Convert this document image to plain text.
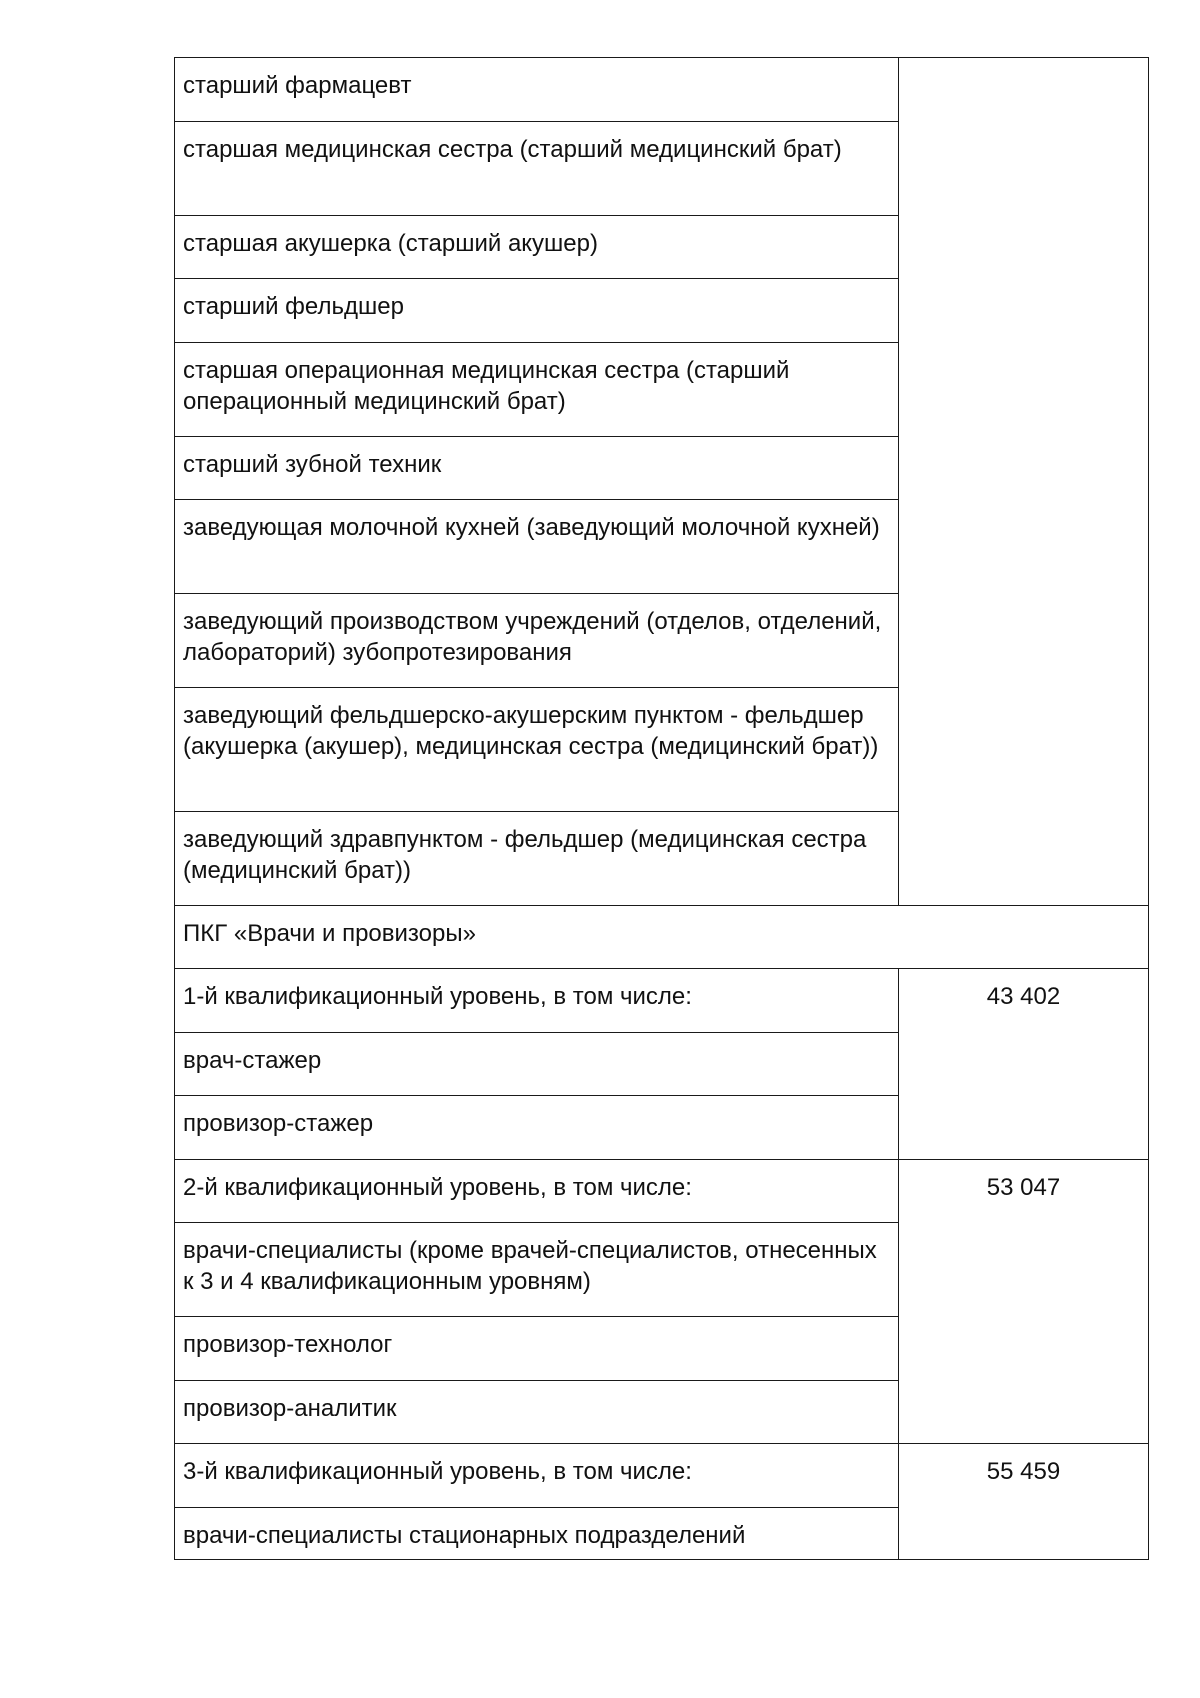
старший фармацевт	
старшая медицинская сестра (старший медицинский брат)	
старшая акушерка (старший акушер)	
старший фельдшер	
старшая операционная медицинская сестра (старший операционный медицинский брат)	
старший зубной техник	
заведующая молочной кухней (заведующий молочной кухней)	
заведующий производством учреждений (отделов, отделений, лабораторий) зубопротезирования	
заведующий фельдшерско-акушерским пунктом - фельдшер (акушерка (акушер), медицинская сестра (медицинский брат))	
заведующий здравпунктом - фельдшер (медицинская сестра (медицинский брат))	
ПКГ «Врачи и провизоры»	
1-й квалификационный уровень, в том числе:	43 402
врач-стажер	
провизор-стажер	
2-й квалификационный уровень, в том числе:	53 047
врачи-специалисты (кроме врачей-специалистов, отнесенных к 3 и 4 квалификационным уровням)	
провизор-технолог	
провизор-аналитик	
3-й квалификационный уровень, в том числе:	55 459
врачи-специалисты стационарных подразделений	
